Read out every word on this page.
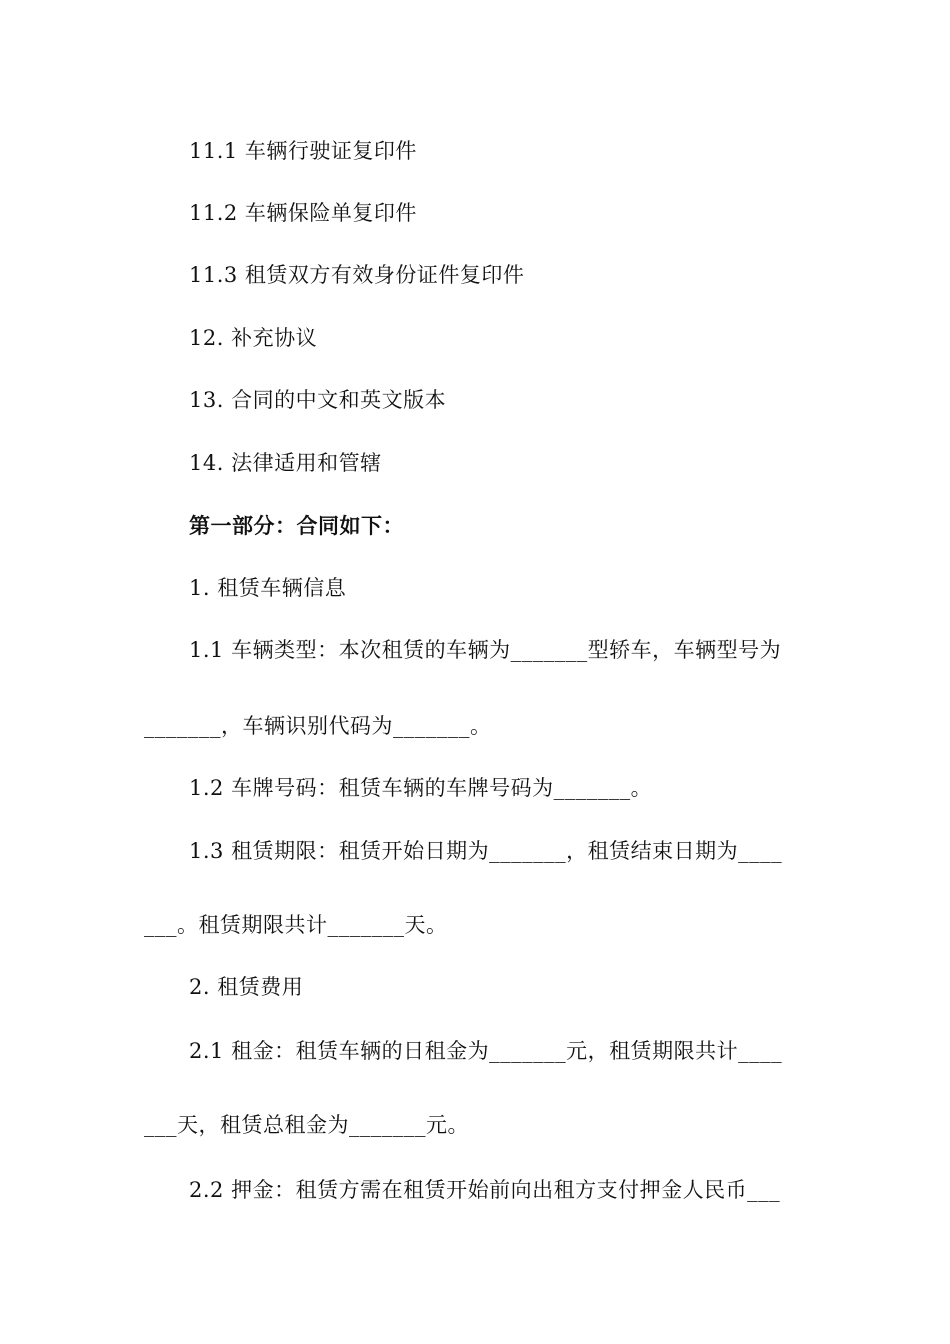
11.1 车辆行驶证复印件
11.2 车辆保险单复印件
11.3 租赁双方有效身份证件复印件
12. 补充协议
13. 合同的中文和英文版本
14. 法律适用和管辖
第一部分：合同如下：
1. 租赁车辆信息
1.1 车辆类型：本次租赁的车辆为_______型轿车，车辆型号为
_______，车辆识别代码为_______。
1.2 车牌号码：租赁车辆的车牌号码为_______。
1.3 租赁期限：租赁开始日期为_______，租赁结束日期为____
___。租赁期限共计_______天。
2. 租赁费用
2.1 租金：租赁车辆的日租金为_______元，租赁期限共计____
___天，租赁总租金为_______元。
2.2 押金：租赁方需在租赁开始前向出租方支付押金人民币___
